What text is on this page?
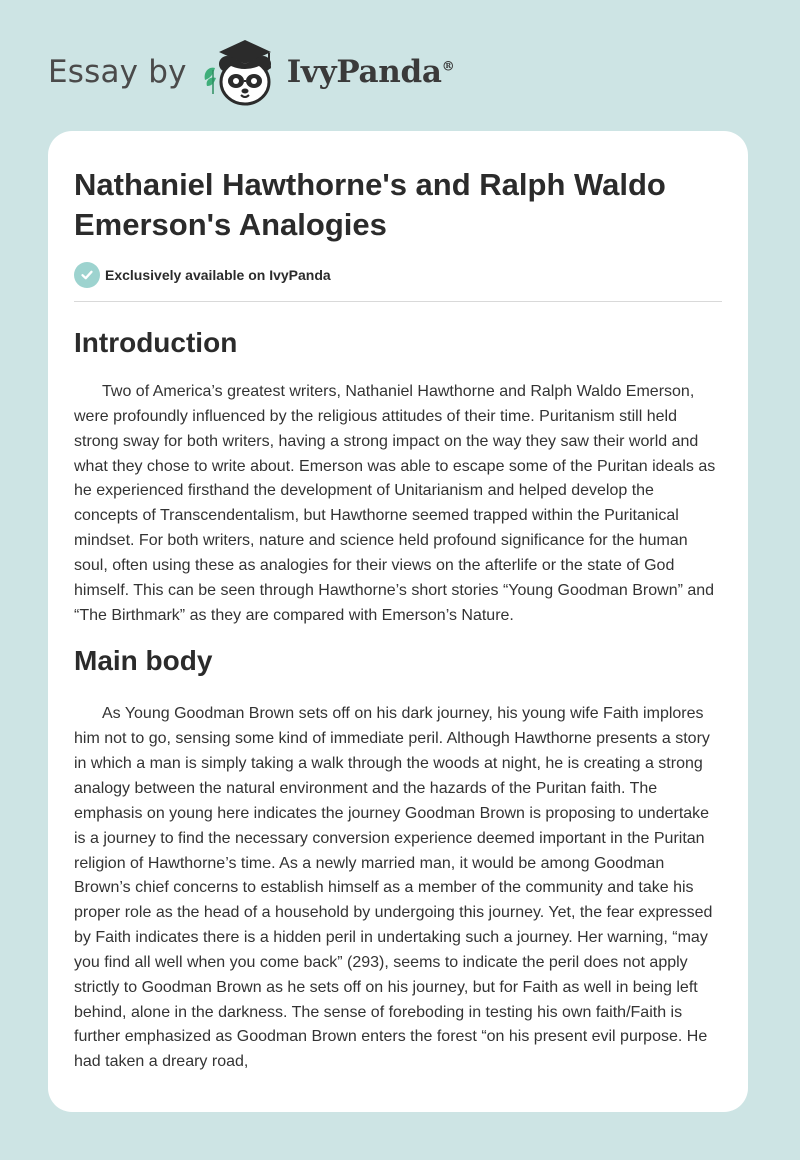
Essay by	IvyPanda®
Nathaniel Hawthorne's and Ralph Waldo Emerson's Analogies
Exclusively available on IvyPanda
Introduction

Two of America’s greatest writers, Nathaniel Hawthorne and Ralph Waldo Emerson, were profoundly influenced by the religious attitudes of their time. Puritanism still held strong sway for both writers, having a strong impact on the way they saw their world and what they chose to write about. Emerson was able to escape some of the Puritan ideals as he experienced firsthand the development of Unitarianism and helped develop the concepts of Transcendentalism, but Hawthorne seemed trapped within the Puritanical mindset. For both writers, nature and science held profound significance for the human soul, often using these as analogies for their views on the afterlife or the state of God himself. This can be seen through Hawthorne’s short stories “Young Goodman Brown” and “The Birthmark” as they are compared with Emerson’s Nature.

Main body

As Young Goodman Brown sets off on his dark journey, his young wife Faith implores him not to go, sensing some kind of immediate peril. Although Hawthorne presents a story in which a man is simply taking a walk through the woods at night, he is creating a strong analogy between the natural environment and the hazards of the Puritan faith. The emphasis on young here indicates the journey Goodman Brown is proposing to undertake is a journey to find the necessary conversion experience deemed important in the Puritan religion of Hawthorne’s time. As a newly married man, it would be among Goodman Brown’s chief concerns to establish himself as a member of the community and take his proper role as the head of a household by undergoing this journey. Yet, the fear expressed by Faith indicates there is a hidden peril in undertaking such a journey. Her warning, “may you find all well when you come back” (293), seems to indicate the peril does not apply strictly to Goodman Brown as he sets off on his journey, but for Faith as well in being left behind, alone in the darkness. The sense of foreboding in testing his own faith/Faith is further emphasized as Goodman Brown enters the forest “on his present evil purpose. He had taken a dreary road,
